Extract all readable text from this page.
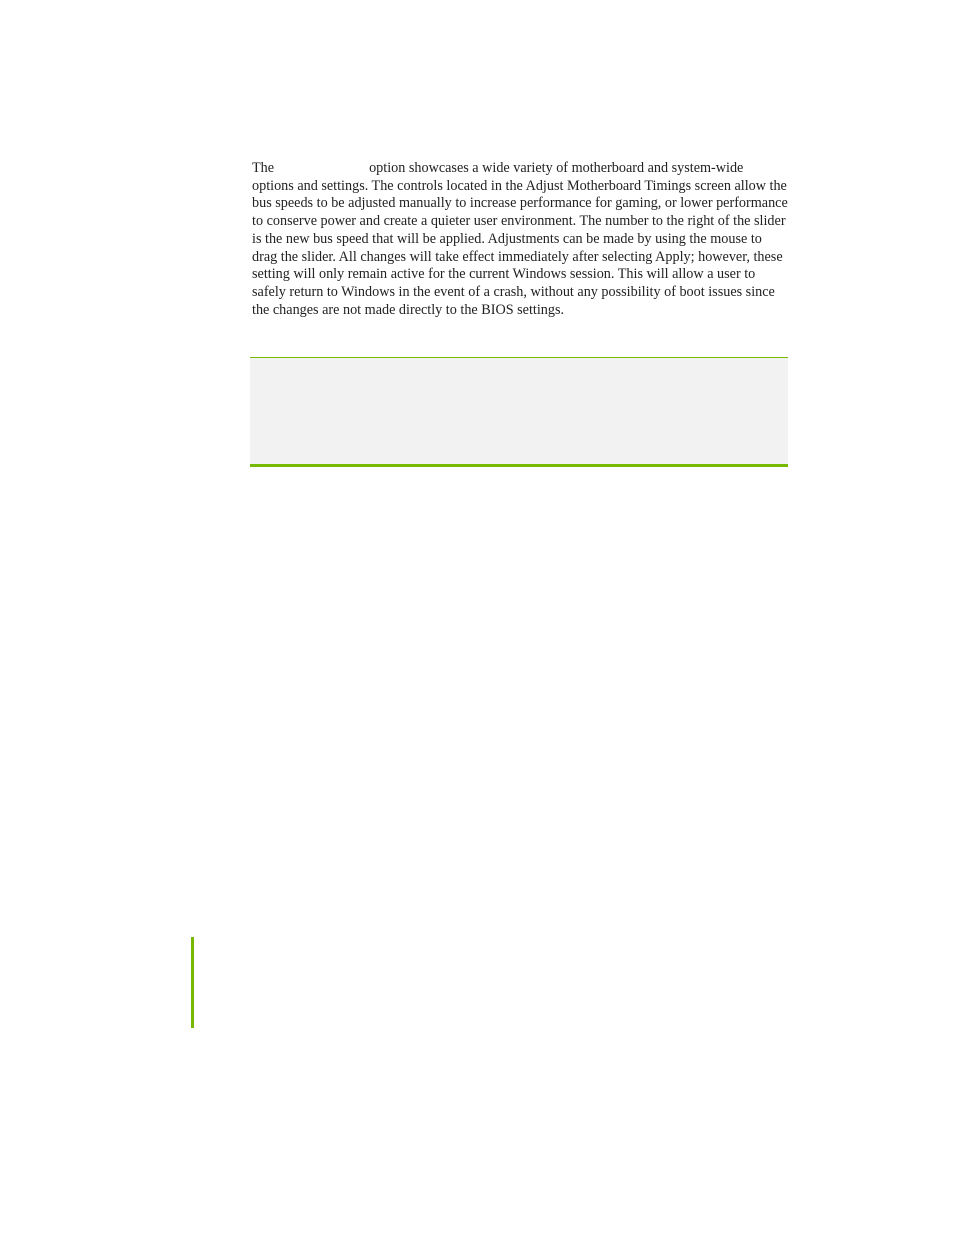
The	option showcases a wide variety of motherboard and system-wide options and settings. The controls located in the Adjust Motherboard Timings screen allow the bus speeds to be adjusted manually to increase performance for gaming, or lower performance to conserve power and create a quieter user environment. The number to the right of the slider is the new bus speed that will be applied. Adjustments can be made by using the mouse to drag the slider. All changes will take effect immediately after selecting Apply; however, these setting will only remain active for the current Windows session. This will allow a user to safely return to Windows in the event of a crash, without any possibility of boot issues since the changes are not made directly to the BIOS settings.
